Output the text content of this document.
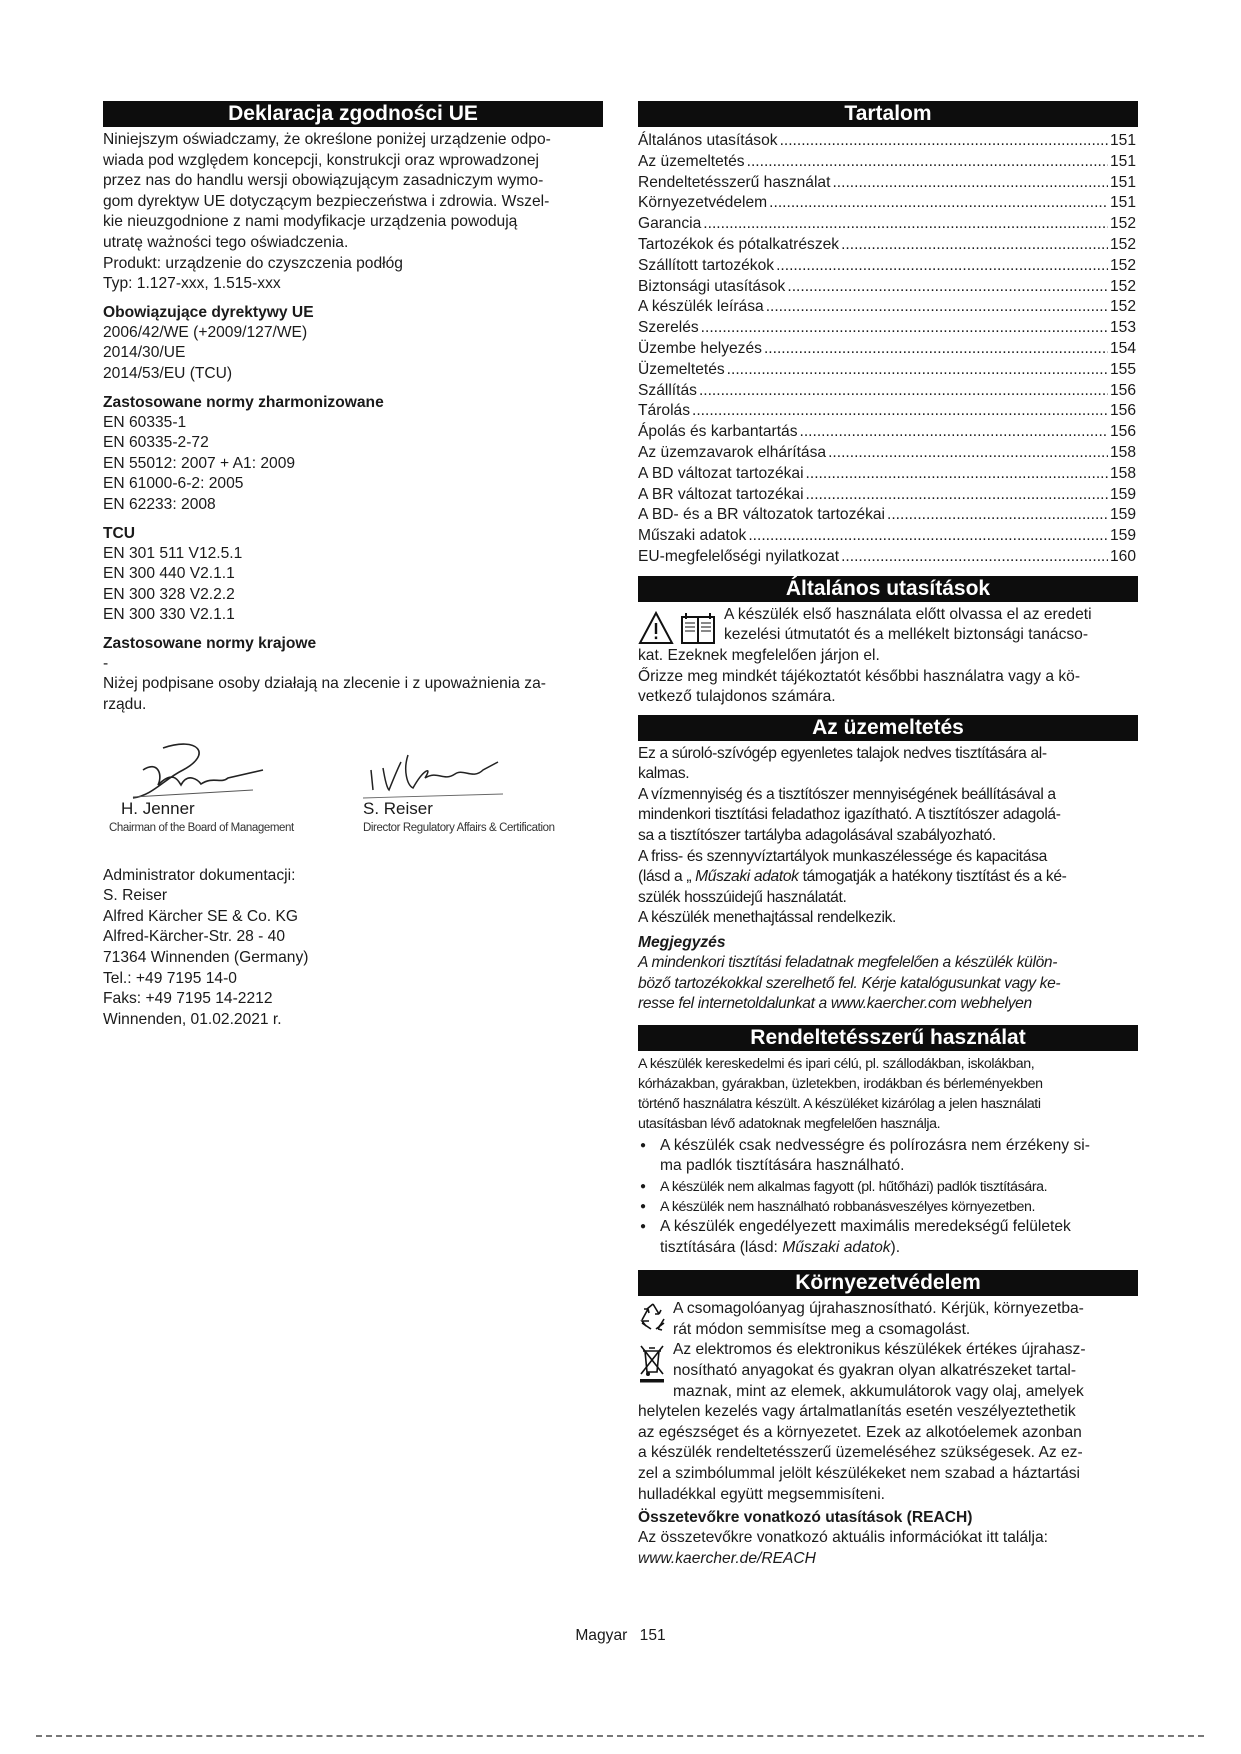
Deklaracja zgodności UE
Niniejszym oświadczamy, że określone poniżej urządzenie odpo-
wiada pod względem koncepcji, konstrukcji oraz wprowadzonej
przez nas do handlu wersji obowiązującym zasadniczym wymo-
gom dyrektyw UE dotyczącym bezpieczeństwa i zdrowia. Wszel-
kie nieuzgodnione z nami modyfikacje urządzenia powodują
utratę ważności tego oświadczenia.
Produkt: urządzenie do czyszczenia podłóg
Typ: 1.127-xxx, 1.515-xxx
Obowiązujące dyrektywy UE
2006/42/WE (+2009/127/WE)
2014/30/UE
2014/53/EU (TCU)
Zastosowane normy zharmonizowane
EN 60335-1
EN 60335-2-72
EN 55012: 2007 + A1: 2009
EN 61000-6-2: 2005
EN 62233: 2008
TCU
EN 301 511 V12.5.1
EN 300 440 V2.1.1
EN 300 328 V2.2.2
EN 300 330 V2.1.1
Zastosowane normy krajowe
-
Niżej podpisane osoby działają na zlecenie i z upoważnienia za-
rządu.
H. Jenner
Chairman of the Board of Management
i.V. Reiser
S. Reiser
Director Regulatory Affairs & Certification
Administrator dokumentacji:
S. Reiser
Alfred Kärcher SE & Co. KG
Alfred-Kärcher-Str. 28 - 40
71364 Winnenden (Germany)
Tel.: +49 7195 14-0
Faks: +49 7195 14-2212
Winnenden, 01.02.2021 r.
Tartalom
Általános utasítások .....	151
Az üzemeltetés .....	151
Rendeltetésszerű használat .....	151
Környezetvédelem .....	151
Garancia .....	152
Tartozékok és pótalkatrészek .....	152
Szállított tartozékok .....	152
Biztonsági utasítások .....	152
A készülék leírása .....	152
Szerelés .....	153
Üzembe helyezés .....	154
Üzemeltetés .....	155
Szállítás .....	156
Tárolás .....	156
Ápolás és karbantartás .....	156
Az üzemzavarok elhárítása .....	158
A BD változat tartozékai .....	158
A BR változat tartozékai .....	159
A BD- és a BR változatok tartozékai .....	159
Műszaki adatok .....	159
EU-megfelelőségi nyilatkozat .....	160
Általános utasítások
A készülék első használata előtt olvassa el az eredeti
kezelési útmutatót és a mellékelt biztonsági tanácso-
kat. Ezeknek megfelelően járjon el.
Őrizze meg mindkét tájékoztatót későbbi használatra vagy a kö-
vetkező tulajdonos számára.
Az üzemeltetés
Ez a súroló-szívógép egyenletes talajok nedves tisztítására al-
kalmas.
A vízmennyiség és a tisztítószer mennyiségének beállításával a
mindenkori tisztítási feladathoz igazítható. A tisztítószer adagolá-
sa a tisztítószer tartályba adagolásával szabályozható.
A friss- és szennyvíztartályok munkaszélessége és kapacitása
(lásd a „ Műszaki adatok támogatják a hatékony tisztítást és a ké-
szülék hosszúidejű használatát.
A készülék menethajtással rendelkezik.
Megjegyzés
A mindenkori tisztítási feladatnak megfelelően a készülék külön-
böző tartozékokkal szerelhető fel. Kérje katalógusunkat vagy ke-
resse fel internetoldalunkat a www.kaercher.com webhelyen
Rendeltetésszerű használat
A készülék kereskedelmi és ipari célú, pl. szállodákban, iskolákban,
kórházakban, gyárakban, üzletekben, irodákban és bérleményekben
történő használatra készült. A készüléket kizárólag a jelen használati
utasításban lévő adatoknak megfelelően használja.
● A készülék csak nedvességre és polírozásra nem érzékeny si-
ma padlók tisztítására használható.
● A készülék nem alkalmas fagyott (pl. hűtőházi) padlók tisztítására.
● A készülék nem használható robbanásveszélyes környezetben.
● A készülék engedélyezett maximális meredekségű felületek
tisztítására (lásd: Műszaki adatok).
Környezetvédelem
A csomagolóanyag újrahasznosítható. Kérjük, környezetba-
rát módon semmisítse meg a csomagolást.
Az elektromos és elektronikus készülékek értékes újrahasz-
nosítható anyagokat és gyakran olyan alkatrészeket tartal-
maznak, mint az elemek, akkumulátorok vagy olaj, amelyek
helytelen kezelés vagy ártalmatlanítás esetén veszélyeztethetik
az egészséget és a környezetet. Ezek az alkotóelemek azonban
a készülék rendeltetésszerű üzemeléséhez szükségesek. Az ez-
zel a szimbólummal jelölt készülékeket nem szabad a háztartási
hulladékkal együtt megsemmisíteni.
Összetevőkre vonatkozó utasítások (REACH)
Az összetevőkre vonatkozó aktuális információkat itt találja:
www.kaercher.de/REACH
Magyar 151
